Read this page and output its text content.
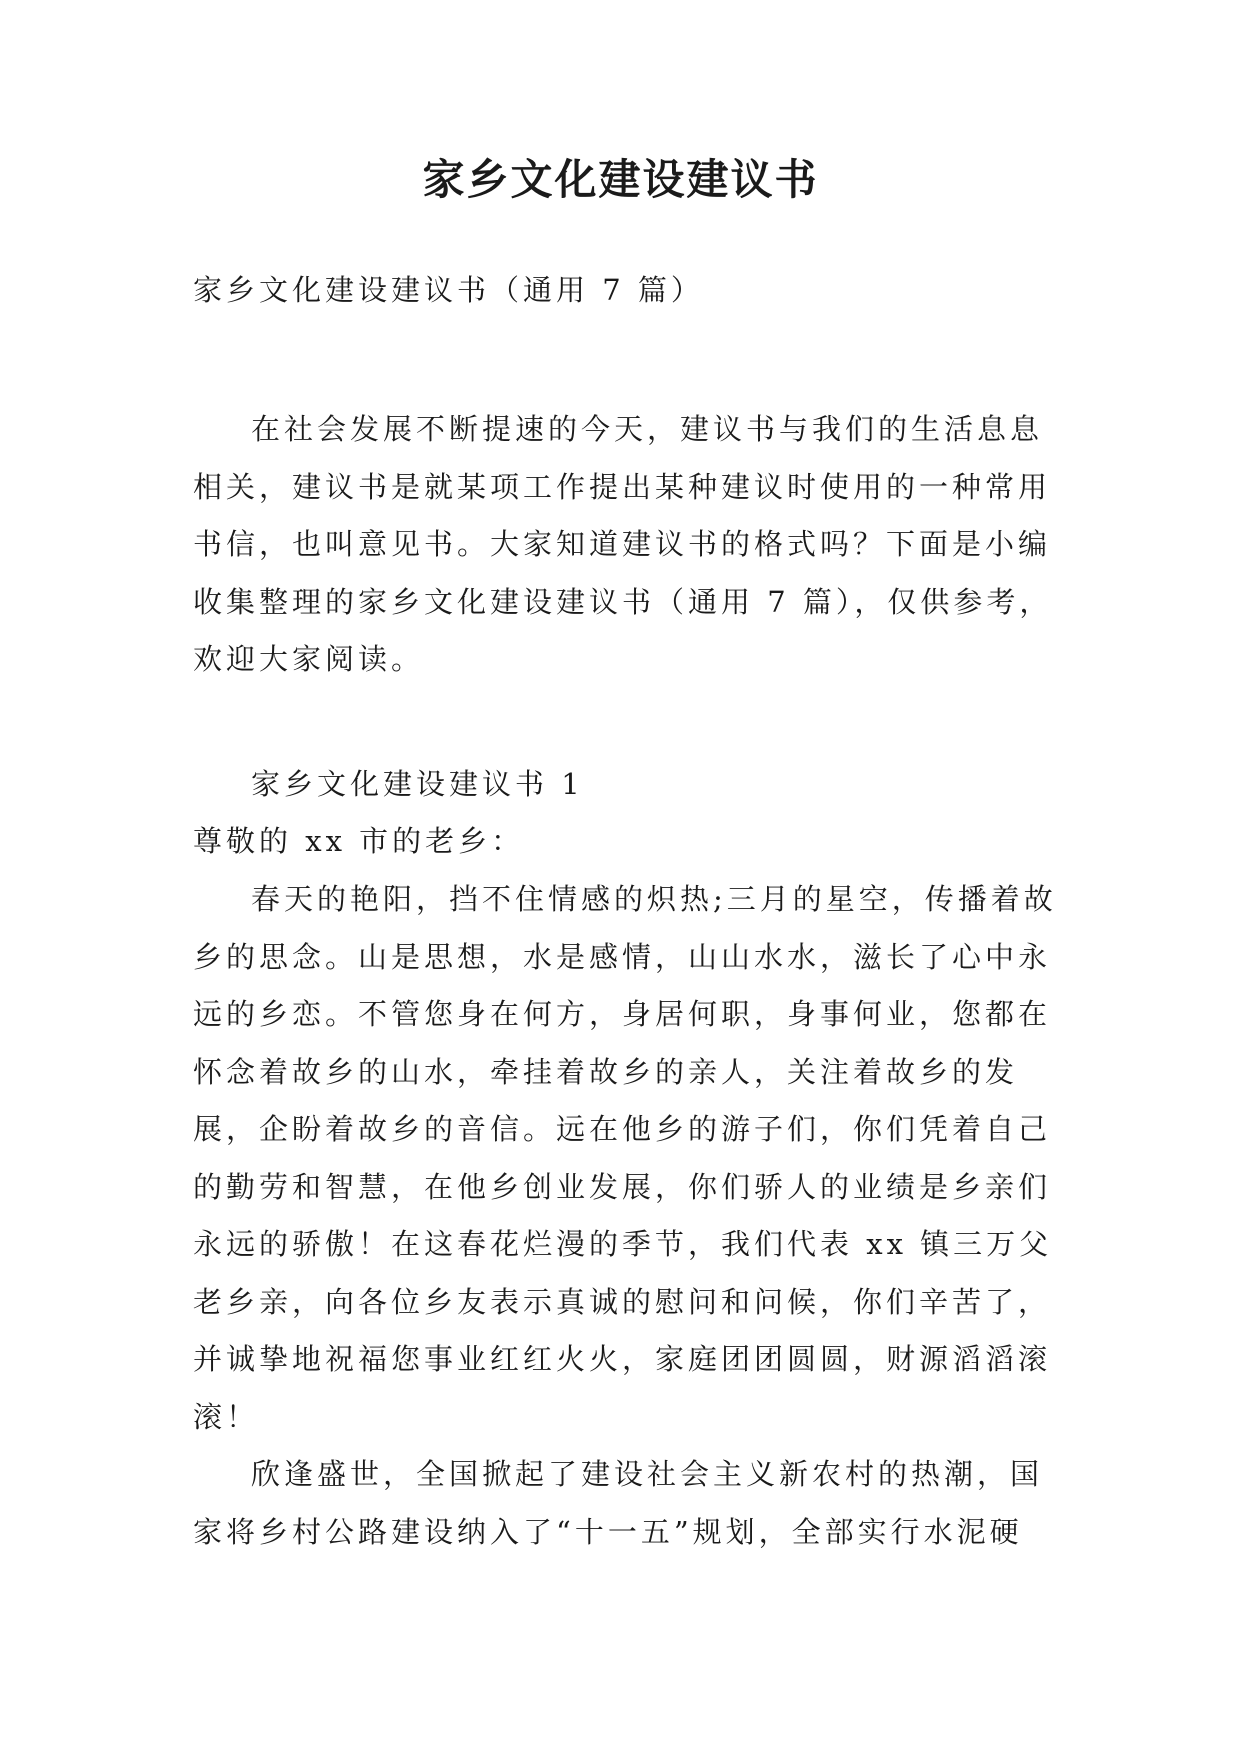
家乡文化建设建议书

家乡文化建设建议书（通用 7 篇）

在社会发展不断提速的今天，建议书与我们的生活息息相关，建议书是就某项工作提出某种建议时使用的一种常用书信，也叫意见书。大家知道建议书的格式吗？下面是小编收集整理的家乡文化建设建议书（通用 7 篇），仅供参考，欢迎大家阅读。

家乡文化建设建议书 1

尊敬的 xx 市的老乡：

春天的艳阳，挡不住情感的炽热;三月的星空，传播着故乡的思念。山是思想，水是感情，山山水水，滋长了心中永远的乡恋。不管您身在何方，身居何职，身事何业，您都在怀念着故乡的山水，牵挂着故乡的亲人，关注着故乡的发展，企盼着故乡的音信。远在他乡的游子们，你们凭着自己的勤劳和智慧，在他乡创业发展，你们骄人的业绩是乡亲们永远的骄傲！在这春花烂漫的季节，我们代表 xx 镇三万父老乡亲，向各位乡友表示真诚的慰问和问候，你们辛苦了，并诚挚地祝福您事业红红火火，家庭团团圆圆，财源滔滔滚滚！

欣逢盛世，全国掀起了建设社会主义新农村的热潮，国家将乡村公路建设纳入了“十一五”规划，全部实行水泥硬
